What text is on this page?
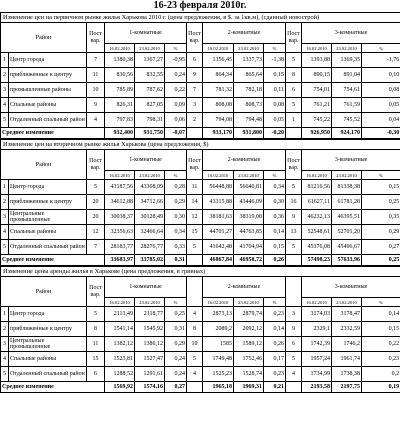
16-23 февраля 2010г.
Изменение цен на первичном рынке жилья Харькова 2010 г. (цена предложения, в $. за 1кв.м), (сданный новострой)													
Район		Пост вар.	1-комнатные			Пост вар.	2-комнатные			Пост вар.	3-комнатные		
			16.02.2010	23.02.2010	%		16.02.2010	23.02.2010	%		16.02.2010	23.02.2010	%
1	Центр города	7	1380,38	1367,27	-0,95	6	1356,45	1337,73	-1,38	5	1393,88	1369,35	-1,76
2	приближенные к центру	11	830,56	832,55	0,24	9	864,34	865,64	0,15	8	890,15	891,04	0,10
3	промышленные районы	10	785,89	787,62	0,22	7	781,32	782,18	0,11	6	754,01	754,61	0,08
4	Спальные районы	9	826,31	827,05	0,09	3	808,08	808,73	0,08	5	761,21	761,59	0,05
5	Отдаленный спальный район	4	797,83	798,31	0,06	2	794,08	794,48	0,05	1	745,22	745,52	0,04
Среднее изменение			932,400	931,750	-0,07		933,170	931,800	-0,20		926,950	924,170	-0,30
Изменение цен на вторичном рынке жилья Харькова (цена предложения, $)													
Район		Пост вар.	1-комнатные			Пост вар.	2-комнатные			Пост вар.	3-комнатные		
			16.02.2010	23.02.2010	%		16.02.2010	23.02.2010	%		16.02.2010	23.02.2010	%
1	Центр города	5	43187,56	43308,09	0,28	11	56448,88	56640,81	0,34	5	81216,56	81338,38	0,15
2	приближенные к центру	20	34612,88	34712,66	0,29	14	43315,88	43446,09	0,30	16	61627,11	61781,28	0,25
3	Центральные промышленные	20	30038,37	30128,49	0,30	12	38181,63	38319,08	0,36	9	46232,13	46395,51	0,35
4	Спальные районы	12	32356,63	32466,64	0,34	15	44701,27	44763,85	0,14	13	52548,61	52701,20	0,29
5	Отдаленный спальный район	7	28183,77	28276,77	0,33	5	41642,48	41704,94	0,15	5	45376,08	45496,67	0,27
Среднее изменение			33683,97	33785,02	0,31		46867,84	46958,72	0,26		57498,23	57633,96	0,25
Изменение цены аренды жилья в Харькове (цена предложения, в гривнах)													
Район		Пост вар.	1-комнатные				2-комнатные				3-комнатные		
			16.02.2010	23.02.2010	%		16.02.2010	23.02.2010	%		16.02.2010	23.02.2010	%
1	Центр города	5	2113,49	2118,77	0,25	4	2873,13	2879,74	0,23	3	3174,03	3178,47	0,14
2	приближенные к центру	8	1541,14	1545,92	0,31	8	2089,2	2092,12	0,14	9	2329,1	2332,59	0,15
3	Центральные промышленные	11	1382,12	1386,12	0,29	10	1585	1589,12	0,26	6	1742,39	1746,2	0,22
4	Спальные районы	15	1523,81	1527,47	0,24	5	1749,48	1752,46	0,17	5	1957,24	1961,74	0,23
5	Отдаленный спальный район	6	1288,52	1291,61	0,24	4	1525,23	1528,74	0,23	4	1734,99	1738,38	0,2
Среднее изменение			1569,92	1574,16	0,27		1965,18	1969,31	0,21		2193,58	2197,75	0,19
